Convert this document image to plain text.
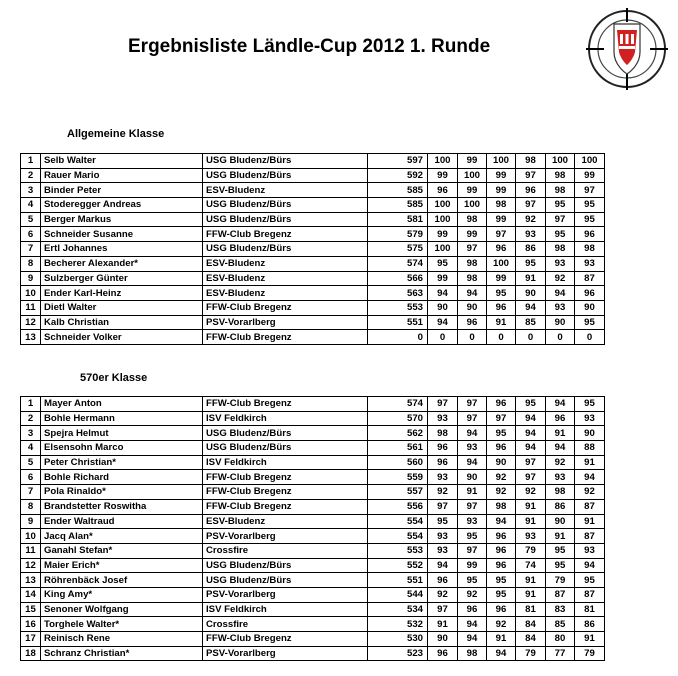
Ergebnisliste Ländle-Cup 2012 1. Runde
Allgemeine Klasse
1	Selb Walter	USG Bludenz/Bürs	597	100	99	100	98	100	100
2	Rauer Mario	USG Bludenz/Bürs	592	99	100	99	97	98	99
3	Binder Peter	ESV-Bludenz	585	96	99	99	96	98	97
4	Stoderegger Andreas	USG Bludenz/Bürs	585	100	100	98	97	95	95
5	Berger Markus	USG Bludenz/Bürs	581	100	98	99	92	97	95
6	Schneider Susanne	FFW-Club Bregenz	579	99	99	97	93	95	96
7	Ertl Johannes	USG Bludenz/Bürs	575	100	97	96	86	98	98
8	Becherer Alexander*	ESV-Bludenz	574	95	98	100	95	93	93
9	Sulzberger Günter	ESV-Bludenz	566	99	98	99	91	92	87
10	Ender Karl-Heinz	ESV-Bludenz	563	94	94	95	90	94	96
11	Dietl Walter	FFW-Club Bregenz	553	90	90	96	94	93	90
12	Kalb Christian	PSV-Vorarlberg	551	94	96	91	85	90	95
13	Schneider Volker	FFW-Club Bregenz	0	0	0	0	0	0	0
570er Klasse
1	Mayer Anton	FFW-Club Bregenz	574	97	97	96	95	94	95
2	Bohle Hermann	ISV Feldkirch	570	93	97	97	94	96	93
3	Spejra Helmut	USG Bludenz/Bürs	562	98	94	95	94	91	90
4	Elsensohn Marco	USG Bludenz/Bürs	561	96	93	96	94	94	88
5	Peter Christian*	ISV Feldkirch	560	96	94	90	97	92	91
6	Bohle Richard	FFW-Club Bregenz	559	93	90	92	97	93	94
7	Pola Rinaldo*	FFW-Club Bregenz	557	92	91	92	92	98	92
8	Brandstetter Roswitha	FFW-Club Bregenz	556	97	97	98	91	86	87
9	Ender Waltraud	ESV-Bludenz	554	95	93	94	91	90	91
10	Jacq Alan*	PSV-Vorarlberg	554	93	95	96	93	91	87
11	Ganahl Stefan*	Crossfire	553	93	97	96	79	95	93
12	Maier Erich*	USG Bludenz/Bürs	552	94	99	96	74	95	94
13	Röhrenbäck Josef	USG Bludenz/Bürs	551	96	95	95	91	79	95
14	King Amy*	PSV-Vorarlberg	544	92	92	95	91	87	87
15	Senoner Wolfgang	ISV Feldkirch	534	97	96	96	81	83	81
16	Torghele Walter*	Crossfire	532	91	94	92	84	85	86
17	Reinisch Rene	FFW-Club Bregenz	530	90	94	91	84	80	91
18	Schranz Christian*	PSV-Vorarlberg	523	96	98	94	79	77	79
